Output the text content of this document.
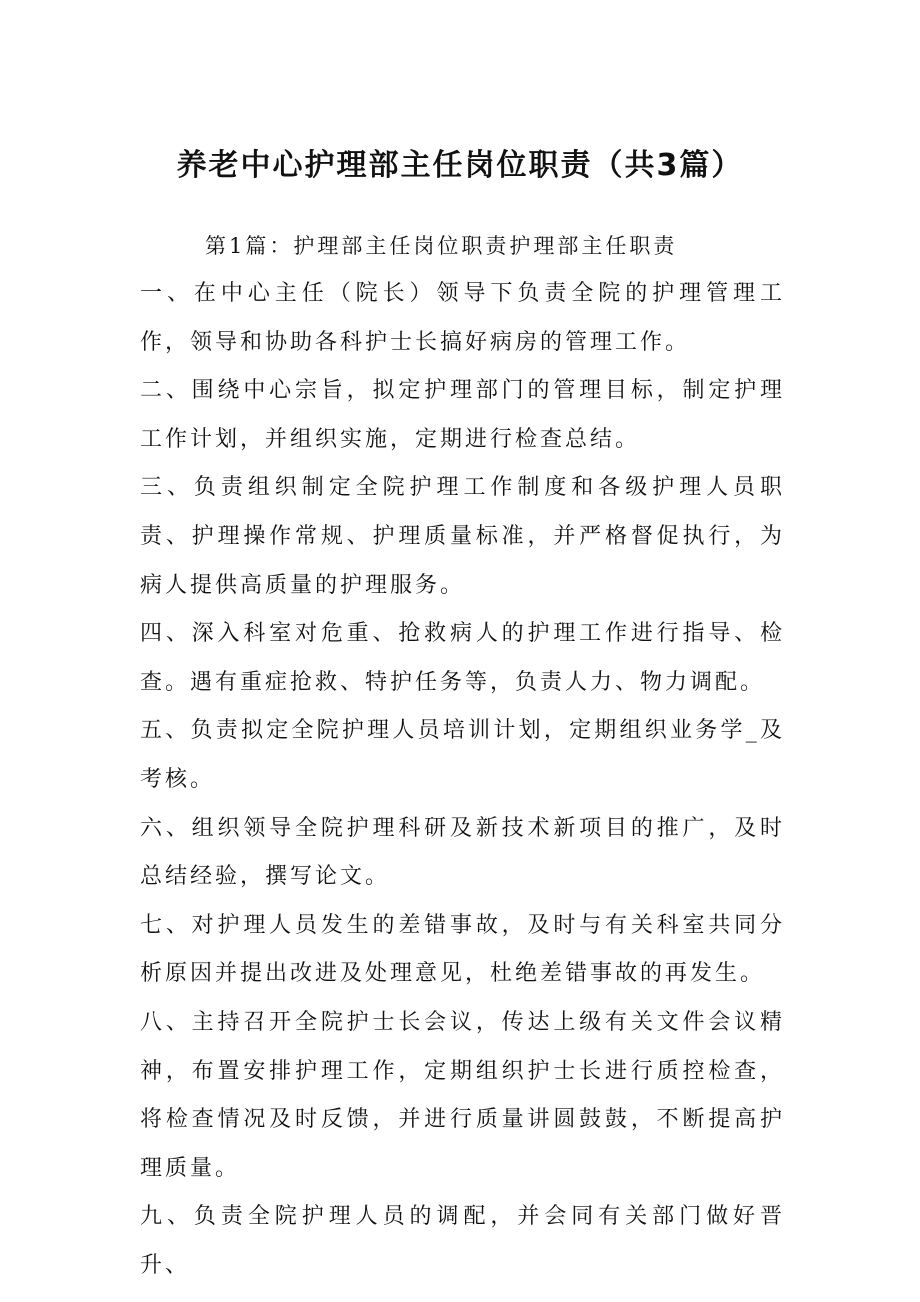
养老中心护理部主任岗位职责（共3篇）
第1篇：护理部主任岗位职责护理部主任职责

一、在中心主任（院长）领导下负责全院的护理管理工作，领导和协助各科护士长搞好病房的管理工作。

二、围绕中心宗旨，拟定护理部门的管理目标，制定护理工作计划，并组织实施，定期进行检查总结。

三、负责组织制定全院护理工作制度和各级护理人员职责、护理操作常规、护理质量标准，并严格督促执行，为病人提供高质量的护理服务。

四、深入科室对危重、抢救病人的护理工作进行指导、检查。遇有重症抢救、特护任务等，负责人力、物力调配。

五、负责拟定全院护理人员培训计划，定期组织业务学_及考核。

六、组织领导全院护理科研及新技术新项目的推广，及时总结经验，撰写论文。

七、对护理人员发生的差错事故，及时与有关科室共同分析原因并提出改进及处理意见，杜绝差错事故的再发生。

八、主持召开全院护士长会议，传达上级有关文件会议精神，布置安排护理工作，定期组织护士长进行质控检查，将检查情况及时反馈，并进行质量讲圆鼓鼓，不断提高护理质量。

九、负责全院护理人员的调配，并会同有关部门做好晋升、
